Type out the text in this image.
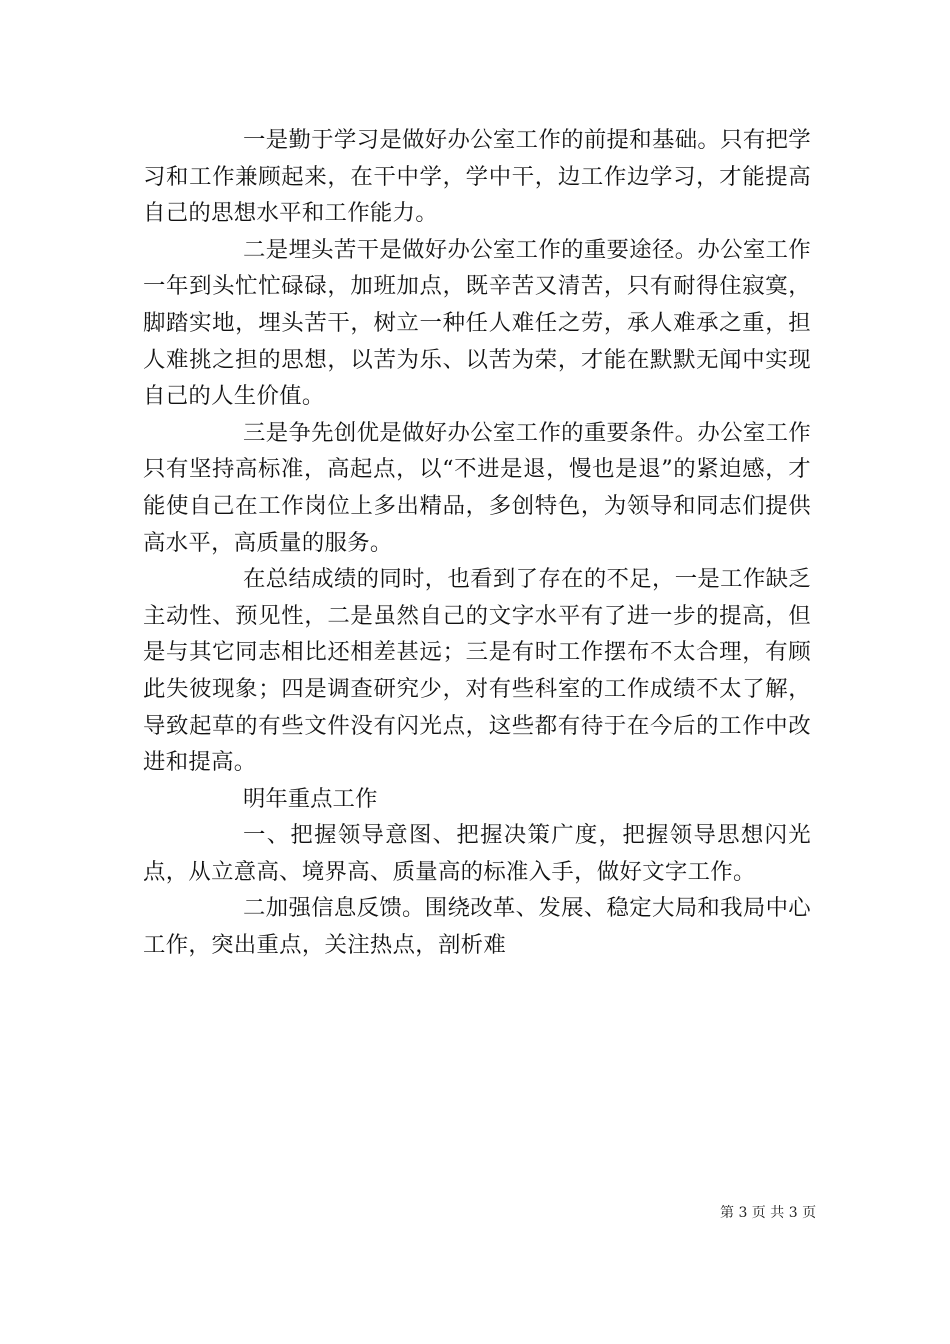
一是勤于学习是做好办公室工作的前提和基础。只有把学习和工作兼顾起来，在干中学，学中干，边工作边学习，才能提高自己的思想水平和工作能力。

二是埋头苦干是做好办公室工作的重要途径。办公室工作一年到头忙忙碌碌，加班加点，既辛苦又清苦，只有耐得住寂寞，脚踏实地，埋头苦干，树立一种任人难任之劳，承人难承之重，担人难挑之担的思想，以苦为乐、以苦为荣，才能在默默无闻中实现自己的人生价值。

三是争先创优是做好办公室工作的重要条件。办公室工作只有坚持高标准，高起点，以“不进是退，慢也是退”的紧迫感，才能使自己在工作岗位上多出精品，多创特色，为领导和同志们提供高水平，高质量的服务。

在总结成绩的同时，也看到了存在的不足，一是工作缺乏主动性、预见性，二是虽然自己的文字水平有了进一步的提高，但是与其它同志相比还相差甚远；三是有时工作摆布不太合理，有顾此失彼现象；四是调查研究少，对有些科室的工作成绩不太了解，导致起草的有些文件没有闪光点，这些都有待于在今后的工作中改进和提高。

明年重点工作

一、把握领导意图、把握决策广度，把握领导思想闪光点，从立意高、境界高、质量高的标准入手，做好文字工作。

二加强信息反馈。围绕改革、发展、稳定大局和我局中心工作，突出重点，关注热点，剖析难

第 3 页 共 3 页
